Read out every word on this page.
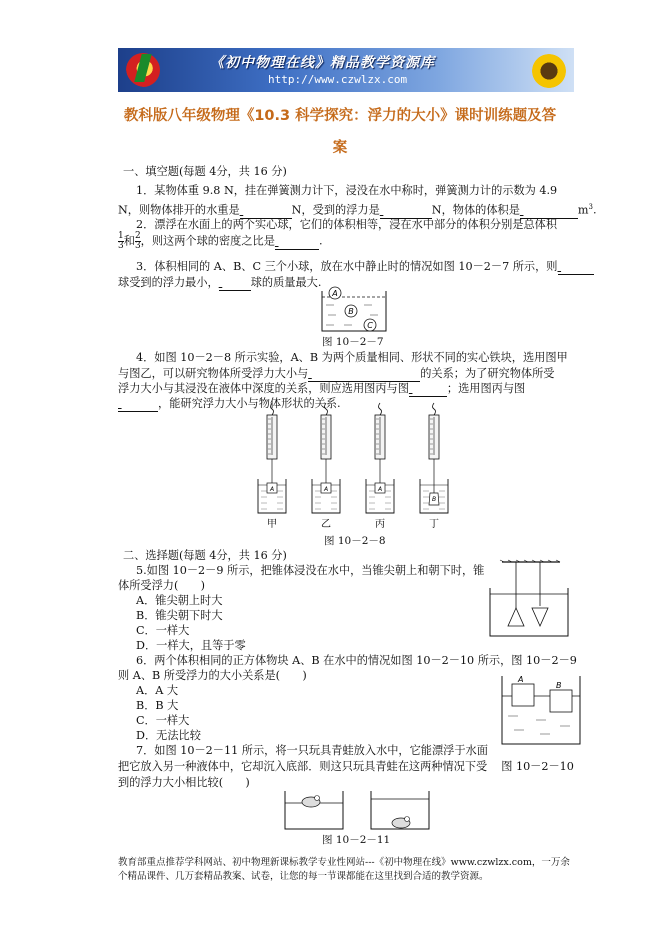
《初中物理在线》精品教学资源库
http://www.czwlzx.com
教科版八年级物理《10.3 科学探究：浮力的大小》课时训练题及答
案
一、填空题(每题 4分，共 16 分)
1．某物体重 9.8 N，挂在弹簧测力计下，浸没在水中称时，弹簧测力计的示数为 4.9
N，则物体排开的水重是	N，受到的浮力是	N，物体的体积是	$m^3$.
2．漂浮在水面上的两个实心球，它们的体积相等，浸在水中部分的体积分别是总体积
$\frac{1}{3}$ 和 $\frac{2}{3}$ ，则这两个球的密度之比是	.
3．体积相同的 A、B、C 三个小球，放在水中静止时的情况如图 10－2－7 所示，则
球受到的浮力最小，	球的质量最大.
A
B
C
图 10－2－7
4．如图 10－2－8 所示实验，A、B 为两个质量相同、形状不同的实心铁块，选用图甲
与图乙，可以研究物体所受浮力大小与	的关系；为了研究物体所受
浮力大小与其浸没在液体中深度的关系，则应选用图丙与图	；选用图丙与图
，能研究浮力大小与物体形状的关系.
A
甲
A
乙
A
丙
B
丁
图 10－2－8
二、选择题(每题 4分，共 16 分)
5.如图 10－2－9 所示，把锥体浸没在水中，当锥尖朝上和朝下时，锥
体所受浮力(　　)
A．锥尖朝上时大
B．锥尖朝下时大
C．一样大
D．一样大，且等于零
6．两个体积相同的正方体物块 A、B 在水中的情况如图 10－2－10 所示，图 10－2－9
则 A、B 所受浮力的大小关系是(　　)
A．A 大
B．B 大
C．一样大
D．无法比较
A
B
7．如图 10－2－11 所示，将一只玩具青蛙放入水中，它能漂浮于水面
把它放入另一种液体中，它却沉入底部．则这只玩具青蛙在这两种情况下受 图 10－2－10
到的浮力大小相比较(　　)
图 10－2－11
教育部重点推荐学科网站、初中物理新课标教学专业性网站---《初中物理在线》www.czwlzx.com，一万余
个精品课件、几万套精品教案、试卷，让您的每一节课都能在这里找到合适的教学资源。
